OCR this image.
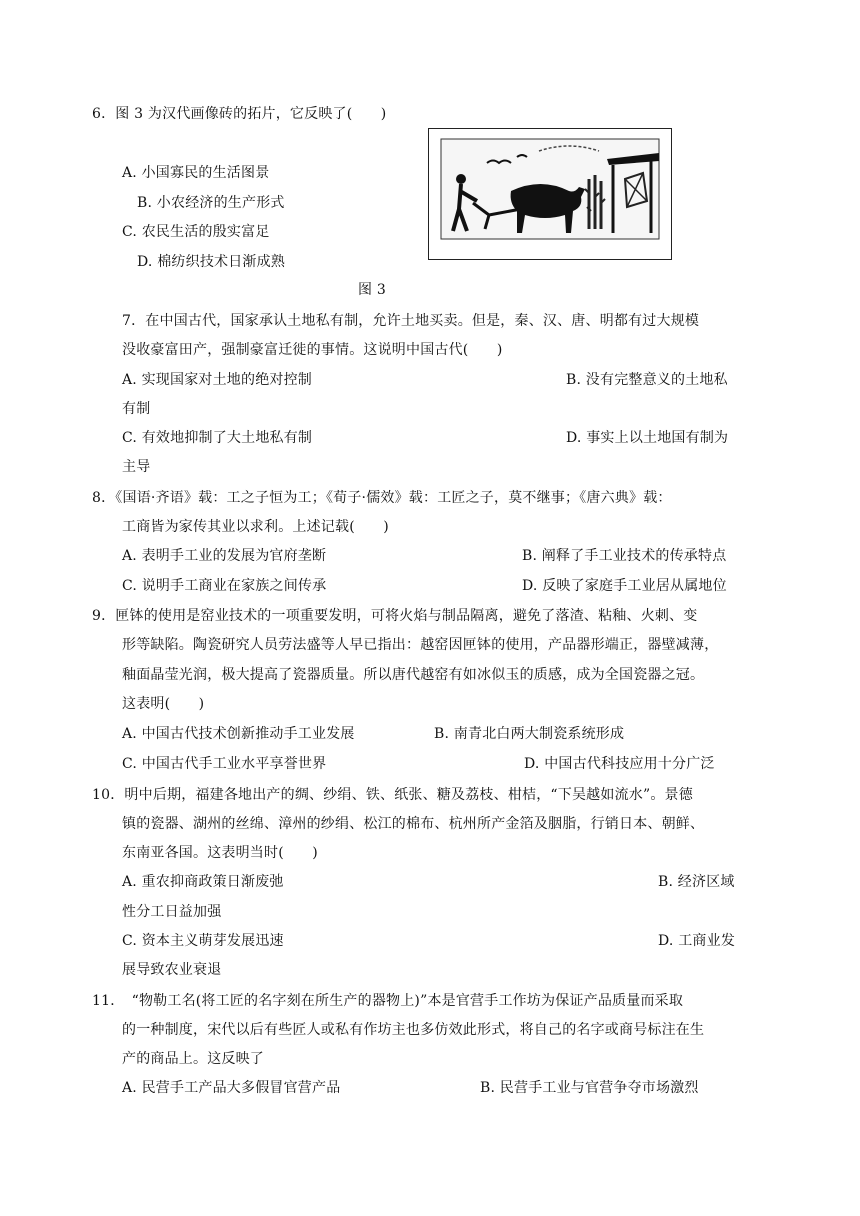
6．图 3 为汉代画像砖的拓片，它反映了(　　)
A. 小国寡民的生活图景
B. 小农经济的生产形式
C. 农民生活的殷实富足
D. 棉纺织技术日渐成熟
图 3
7．在中国古代，国家承认土地私有制，允许土地买卖。但是，秦、汉、唐、明都有过大规模
没收豪富田产，强制豪富迁徙的事情。这说明中国古代(　　)
A. 实现国家对土地的绝对控制	B. 没有完整意义的土地私
有制
C. 有效地抑制了大土地私有制	D. 事实上以土地国有制为
主导
8．《国语·齐语》载：工之子恒为工；《荀子·儒效》载：工匠之子，莫不继事；《唐六典》载：
工商皆为家传其业以求利。上述记载(　　)
A. 表明手工业的发展为官府垄断	B. 阐释了手工业技术的传承特点
C. 说明手工商业在家族之间传承	D. 反映了家庭手工业居从属地位
9．匣钵的使用是窑业技术的一项重要发明，可将火焰与制品隔离，避免了落渣、粘釉、火刺、变
形等缺陷。陶瓷研究人员劳法盛等人早已指出：越窑因匣钵的使用，产品器形端正，器壁减薄，
釉面晶莹光润，极大提高了瓷器质量。所以唐代越窑有如冰似玉的质感，成为全国瓷器之冠。
这表明(　　)
A. 中国古代技术创新推动手工业发展	B. 南青北白两大制瓷系统形成
C. 中国古代手工业水平享誉世界	D. 中国古代科技应用十分广泛
10．明中后期，福建各地出产的绸、纱绢、铁、纸张、糖及荔枝、柑桔，“下吴越如流水”。景德
镇的瓷器、湖州的丝绵、漳州的纱绢、松江的棉布、杭州所产金箔及胭脂，行销日本、朝鲜、
东南亚各国。这表明当时(　　)
A. 重农抑商政策日渐废弛	B. 经济区域
性分工日益加强
C. 资本主义萌芽发展迅速	D. 工商业发
展导致农业衰退
11．　“物勒工名(将工匠的名字刻在所生产的器物上)”本是官营手工作坊为保证产品质量而采取
的一种制度，宋代以后有些匠人或私有作坊主也多仿效此形式，将自己的名字或商号标注在生
产的商品上。这反映了
A. 民营手工产品大多假冒官营产品	B. 民营手工业与官营争夺市场激烈
